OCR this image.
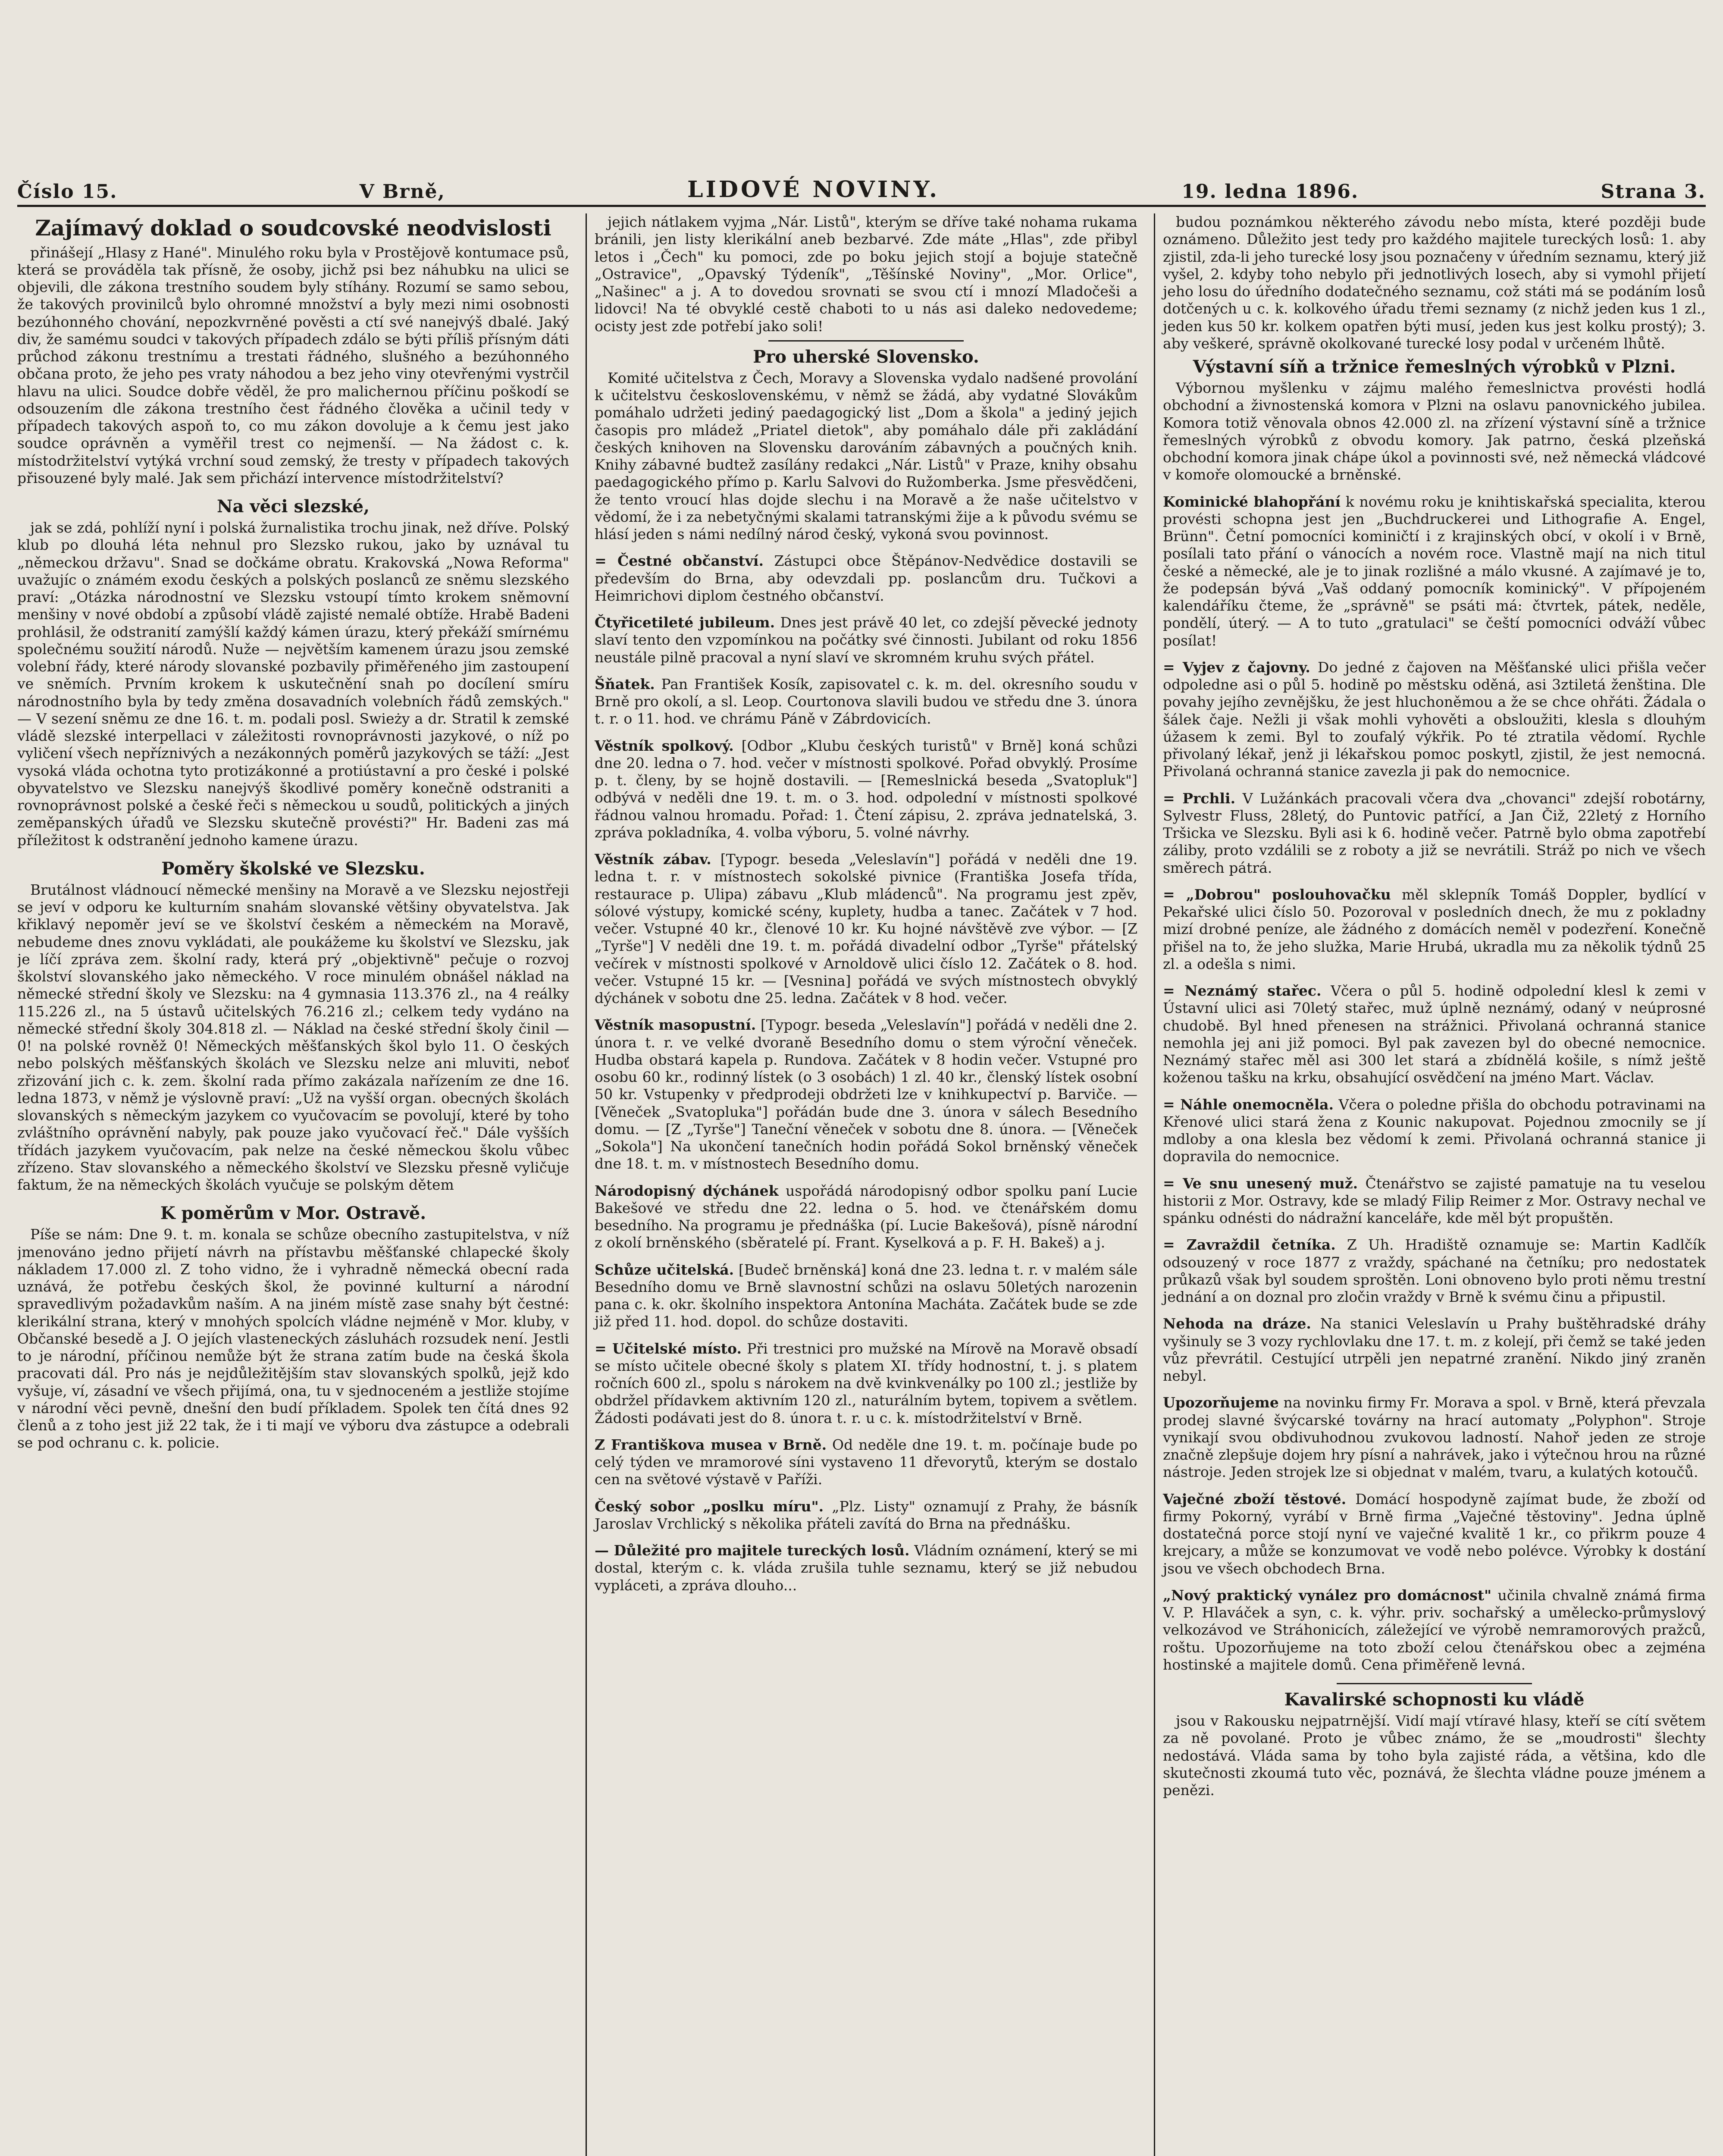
Číslo 15.	V Brně,	LIDOVÉ NOVINY.	19. ledna 1896.	Strana 3.
Zajímavý doklad o soudcovské neodvislosti

přinášejí „Hlasy z Hané". Minulého roku byla v Prostějově kontumace psů, která se prováděla tak přísně, že osoby, jichž psi bez náhubku na ulici se objevili, dle zákona trestního soudem byly stíhány. Rozumí se samo sebou, že takových provinilců bylo ohromné množství a byly mezi nimi osobnosti bezúhonného chování, nepozkvrněné pověsti a ctí své nanejvýš dbalé. Jaký div, že samému soudci v takových případech zdálo se býti příliš přísným dáti průchod zákonu trestnímu a trestati řádného, slušného a bezúhonného občana proto, že jeho pes vraty náhodou a bez jeho viny otevřenými vystrčil hlavu na ulici. Soudce dobře věděl, že pro malichernou příčinu poškodí se odsouzením dle zákona trestního čest řádného člověka a učinil tedy v případech takových aspoň to, co mu zákon dovoluje a k čemu jest jako soudce oprávněn a vyměřil trest co nejmenší. — Na žádost c. k. místodržitelství vytýká vrchní soud zemský, že tresty v případech takových přisouzené byly malé. Jak sem přichází intervence místodržitelství?

Na věci slezské,

jak se zdá, pohlíží nyní i polská žurnalistika trochu jinak, než dříve. Polský klub po dlouhá léta nehnul pro Slezsko rukou, jako by uznával tu „německou državu". Snad se dočkáme obratu. Krakovská „Nowa Reforma" uvažujíc o známém exodu českých a polských poslanců ze sněmu slezského praví: „Otázka národnostní ve Slezsku vstoupí tímto krokem sněmovní menšiny v nové období a způsobí vládě zajisté nemalé obtíže. Hrabě Badeni prohlásil, že odstranití zamýšlí každý kámen úrazu, který překáží smírnému společnému soužití národů. Nuže — největším kamenem úrazu jsou zemské volební řády, které národy slovanské pozbavily přiměřeného jim zastoupení ve sněmích. Prvním krokem k uskutečnění snah po docílení smíru národnostního byla by tedy změna dosavadních volebních řádů zemských." — V sezení sněmu ze dne 16. t. m. podali posl. Swieży a dr. Stratil k zemské vládě slezské interpellaci v záležitosti rovnoprávnosti jazykové, o níž po vyličení všech nepříznivých a nezákonných poměrů jazykových se táží: „Jest vysoká vláda ochotna tyto protizákonné a protiústavní a pro české i polské obyvatelstvo ve Slezsku nanejvýš škodlivé poměry konečně odstraniti a rovnoprávnost polské a české řeči s německou u soudů, politických a jiných zeměpanských úřadů ve Slezsku skutečně provésti?" Hr. Badeni zas má příležitost k odstranění jednoho kamene úrazu.

Poměry školské ve Slezsku.

Brutálnost vládnoucí německé menšiny na Moravě a ve Slezsku nejostřeji se jeví v odporu ke kulturním snahám slovanské většiny obyvatelstva. Jak křiklavý nepoměr jeví se ve školství českém a německém na Moravě, nebudeme dnes znovu vykládati, ale poukážeme ku školství ve Slezsku, jak je líčí zpráva zem. školní rady, která prý „objektivně" pečuje o rozvoj školství slovanského jako německého. V roce minulém obnášel náklad na německé střední školy ve Slezsku: na 4 gymnasia 113.376 zl., na 4 reálky 115.226 zl., na 5 ústavů učitelských 76.216 zl.; celkem tedy vydáno na německé střední školy 304.818 zl. — Náklad na české střední školy činil — 0! na polské rovněž 0! Německých měšťanských škol bylo 11. O českých nebo polských měšťanských školách ve Slezsku nelze ani mluviti, neboť zřizování jich c. k. zem. školní rada přímo zakázala nařízením ze dne 16. ledna 1873, v němž je výslovně praví: „Už na vyšší organ. obecných školách slovanských s německým jazykem co vyučovacím se povolují, které by toho zvláštního oprávnění nabyly, pak pouze jako vyučovací řeč." Dále vyšších třídách jazykem vyučovacím, pak nelze na české německou školu vůbec zřízeno. Stav slovanského a německého školství ve Slezsku přesně vyličuje faktum, že na německých školách vyučuje se polským dětem

K poměrům v Mor. Ostravě.

Píše se nám: Dne 9. t. m. konala se schůze obecního zastupitelstva, v níž jmenováno jedno přijetí návrh na přístavbu měšťanské chlapecké školy nákladem 17.000 zl. Z toho vidno, že i vyhradně německá obecní rada uznává, že potřebu českých škol, že povinné kulturní a národní spravedlivým požadavkům naším. A na jiném místě zase snahy být čestné: klerikální strana, který v mnohých spolcích vládne nejméně v Mor. kluby, v Občanské besedě a J. O jejích vlasteneckých zásluhách rozsudek není. Jestli to je národní, příčinou nemůže být že strana zatím bude na česká škola pracovati dál. Pro nás je nejdůležitějším stav slovanských spolků, jejž kdo vyšuje, ví, zásadní ve všech přijímá, ona, tu v sjednoceném a jestliže stojíme v národní věci pevně, dnešní den budí příkladem. Spolek ten čítá dnes 92 členů a z toho jest již 22 tak, že i ti mají ve výboru dva zástupce a odebrali se pod ochranu c. k. policie.

jejich nátlakem vyjma „Nár. Listů", kterým se dříve také nohama rukama bránili, jen listy klerikální aneb bezbarvé. Zde máte „Hlas", zde přibyl letos i „Čech" ku pomoci, zde po boku jejich stojí a bojuje statečně „Ostravice", „Opavský Týdeník", „Těšínské Noviny", „Mor. Orlice", „Našinec" a j. A to dovedou srovnati se svou ctí i mnozí Mladočeši a lidovci! Na té obvyklé cestě chaboti to u nás asi daleko nedovedeme; ocisty jest zde potřebí jako soli!

Pro uherské Slovensko.

Komité učitelstva z Čech, Moravy a Slovenska vydalo nadšené provolání k učitelstvu československému, v němž se žádá, aby vydatné Slovákům pomáhalo udržeti jediný paedagogický list „Dom a škola" a jediný jejich časopis pro mládež „Priatel dietok", aby pomáhalo dále při zakládání českých knihoven na Slovensku darováním zábavných a poučných knih. Knihy zábavné budtež zasílány redakci „Nár. Listů" v Praze, knihy obsahu paedagogického přímo p. Karlu Salvovi do Ružomberka. Jsme přesvědčeni, že tento vroucí hlas dojde slechu i na Moravě a že naše učitelstvo v vědomí, že i za nebetyčnými skalami tatranskými žije a k původu svému se hlásí jeden s námi nedílný národ český, vykoná svou povinnost.

= Čestné občanství. Zástupci obce Štěpánov-Nedvědice dostavili se především do Brna, aby odevzdali pp. poslancům dru. Tučkovi a Heimrichovi diplom čestného občanství.
Čtyřicetileté jubileum. Dnes jest právě 40 let, co zdejší pěvecké jednoty slaví tento den vzpomínkou na počátky své činnosti. Jubilant od roku 1856 neustále pilně pracoval a nyní slaví ve skromném kruhu svých přátel.
Šňatek. Pan František Kosík, zapisovatel c. k. m. del. okresního soudu v Brně pro okolí, a sl. Leop. Courtonova slavili budou ve středu dne 3. února t. r. o 11. hod. ve chrámu Páně v Zábrdovicích.
Věstník spolkový. [Odbor „Klubu českých turistů" v Brně] koná schůzi dne 20. ledna o 7. hod. večer v místnosti spolkové. Pořad obvyklý. Prosíme p. t. členy, by se hojně dostavili. — [Remeslnická beseda „Svatopluk"] odbývá v neděli dne 19. t. m. o 3. hod. odpolední v místnosti spolkové řádnou valnou hromadu. Pořad: 1. Čtení zápisu, 2. zpráva jednatelská, 3. zpráva pokladníka, 4. volba výboru, 5. volné návrhy.
Věstník zábav. [Typogr. beseda „Veleslavín"] pořádá v neděli dne 19. ledna t. r. v místnostech sokolské pivnice (Františka Josefa třída, restaurace p. Ulipa) zábavu „Klub mládenců". Na programu jest zpěv, sólové výstupy, komické scény, kuplety, hudba a tanec. Začátek v 7 hod. večer. Vstupné 40 kr., členové 10 kr. Ku hojné návštěvě zve výbor. — [Z „Tyrše"] V neděli dne 19. t. m. pořádá divadelní odbor „Tyrše" přátelský večírek v místnosti spolkové v Arnoldově ulici číslo 12. Začátek o 8. hod. večer. Vstupné 15 kr. — [Vesnina] pořádá ve svých místnostech obvyklý dýchánek v sobotu dne 25. ledna. Začátek v 8 hod. večer.
Věstník masopustní. [Typogr. beseda „Veleslavín"] pořádá v neděli dne 2. února t. r. ve velké dvoraně Besedního domu o stem výroční věneček. Hudba obstará kapela p. Rundova. Začátek v 8 hodin večer. Vstupné pro osobu 60 kr., rodinný lístek (o 3 osobách) 1 zl. 40 kr., členský lístek osobní 50 kr. Vstupenky v předprodeji obdržeti lze v knihkupectví p. Barviče. — [Věneček „Svatopluka"] pořádán bude dne 3. února v sálech Besedního domu. — [Z „Tyrše"] Taneční věneček v sobotu dne 8. února. — [Věneček „Sokola"] Na ukončení tanečních hodin pořádá Sokol brněnský věneček dne 18. t. m. v místnostech Besedního domu.
Národopisný dýchánek uspořádá národopisný odbor spolku paní Lucie Bakešové ve středu dne 22. ledna o 5. hod. ve čtenářském domu besedního. Na programu je přednáška (pí. Lucie Bakešová), písně národní z okolí brněnského (sběratelé pí. Frant. Kyselková a p. F. H. Bakeš) a j.
Schůze učitelská. [Budeč brněnská] koná dne 23. ledna t. r. v malém sále Besedního domu ve Brně slavnostní schůzi na oslavu 50letých narozenin pana c. k. okr. školního inspektora Antonína Macháta. Začátek bude se zde již před 11. hod. dopol. do schůze dostaviti.
= Učitelské místo. Při trestnici pro mužské na Mírově na Moravě obsadí se místo učitele obecné školy s platem XI. třídy hodnostní, t. j. s platem ročních 600 zl., spolu s nárokem na dvě kvinkvenálky po 100 zl.; jestliže by obdržel přídavkem aktivním 120 zl., naturálním bytem, topivem a světlem. Žádosti podávati jest do 8. února t. r. u c. k. místodržitelství v Brně.
Z Františkova musea v Brně. Od neděle dne 19. t. m. počínaje bude po celý týden ve mramorové síni vystaveno 11 dřevorytů, kterým se dostalo cen na světové výstavě v Paříži.
Český sobor „poslku míru". „Plz. Listy" oznamují z Prahy, že básník Jaroslav Vrchlický s několika přáteli zavítá do Brna na přednášku.
— Důležité pro majitele tureckých losů. Vládním oznámení, který se mi dostal, kterým c. k. vláda zrušila tuhle seznamu, který se již nebudou vypláceti, a zpráva dlouho...

budou poznámkou některého závodu nebo místa, které později bude oznámeno. Důležito jest tedy pro každého majitele tureckých losů: 1. aby zjistil, zda-li jeho turecké losy jsou poznačeny v úředním seznamu, který již vyšel, 2. kdyby toho nebylo při jednotlivých losech, aby si vymohl přijetí jeho losu do úředního dodatečného seznamu, což státi má se podáním losů dotčených u c. k. kolkového úřadu třemi seznamy (z nichž jeden kus 1 zl., jeden kus 50 kr. kolkem opatřen býti musí, jeden kus jest kolku prostý); 3. aby veškeré, správně okolkované turecké losy podal v určeném lhůtě.

Výstavní síň a tržnice řemeslných výrobků v Plzni.

Výbornou myšlenku v zájmu malého řemeslnictva provésti hodlá obchodní a živnostenská komora v Plzni na oslavu panovnického jubilea. Komora totiž věnovala obnos 42.000 zl. na zřízení výstavní síně a tržnice řemeslných výrobků z obvodu komory. Jak patrno, česká plzeňská obchodní komora jinak chápe úkol a povinnosti své, než německá vládcové v komoře olomoucké a brněnské.

Kominické blahopřání k novému roku je knihtiskařská specialita, kterou provésti schopna jest jen „Buchdruckerei und Lithografie A. Engel, Brünn". Četní pomocníci kominičtí i z krajinských obcí, v okolí i v Brně, posílali tato přání o vánocích a novém roce. Vlastně mají na nich titul české a německé, ale je to jinak rozlišné a málo vkusné. A zajímavé je to, že podepsán bývá „Vaš oddaný pomocník kominický". V přípojeném kalendáříku čteme, že „správně" se psáti má: čtvrtek, pátek, neděle, pondělí, úterý. — A to tuto „gratulaci" se čeští pomocníci odváží vůbec posílat!
= Vyjev z čajovny. Do jedné z čajoven na Měšťanské ulici přišla večer odpoledne asi o půl 5. hodině po městsku oděná, asi 3ztiletá ženština. Dle povahy jejího zevnějšku, že jest hluchoněmou a že se chce ohřáti. Žádala o šálek čaje. Nežli ji však mohli vyhověti a obsloužiti, klesla s dlouhým úžasem k zemi. Byl to zoufalý výkřik. Po té ztratila vědomí. Rychle přivolaný lékař, jenž ji lékařskou pomoc poskytl, zjistil, že jest nemocná. Přivolaná ochranná stanice zavezla ji pak do nemocnice.
= Prchli. V Lužánkách pracovali včera dva „chovanci" zdejší robotárny, Sylvestr Fluss, 28letý, do Puntovic patřící, a Jan Čiž, 22letý z Horního Tršicka ve Slezsku. Byli asi k 6. hodině večer. Patrně bylo obma zapotřebí záliby, proto vzdálili se z roboty a již se nevrátili. Stráž po nich ve všech směrech pátrá.
= „Dobrou" poslouhovačku měl sklepník Tomáš Doppler, bydlící v Pekařské ulici číslo 50. Pozoroval v posledních dnech, že mu z pokladny mizí drobné peníze, ale žádného z domácích neměl v podezření. Konečně přišel na to, že jeho služka, Marie Hrubá, ukradla mu za několik týdnů 25 zl. a odešla s nimi.
= Neznámý stařec. Včera o půl 5. hodině odpolední klesl k zemi v Ústavní ulici asi 70letý stařec, muž úplně neznámý, odaný v neúprosné chudobě. Byl hned přenesen na strážnici. Přivolaná ochranná stanice nemohla jej ani již pomoci. Byl pak zavezen byl do obecné nemocnice. Neznámý stařec měl asi 300 let stará a zbídnělá košile, s nímž ještě koženou tašku na krku, obsahující osvědčení na jméno Mart. Václav.
= Náhle onemocněla. Včera o poledne přišla do obchodu potravinami na Křenové ulici stará žena z Kounic nakupovat. Pojednou zmocnily se jí mdloby a ona klesla bez vědomí k zemi. Přivolaná ochranná stanice ji dopravila do nemocnice.
= Ve snu unesený muž. Čtenářstvo se zajisté pamatuje na tu veselou historii z Mor. Ostravy, kde se mladý Filip Reimer z Mor. Ostravy nechal ve spánku odnésti do nádražní kanceláře, kde měl být propuštěn.
= Zavraždil četníka. Z Uh. Hradiště oznamuje se: Martin Kadlčík odsouzený v roce 1877 z vraždy, spáchané na četníku; pro nedostatek průkazů však byl soudem sproštěn. Loni obnoveno bylo proti němu trestní jednání a on doznal pro zločin vraždy v Brně k svému činu a připustil.
Nehoda na dráze. Na stanici Veleslavín u Prahy buštěhradské dráhy vyšinuly se 3 vozy rychlovlaku dne 17. t. m. z kolejí, při čemž se také jeden vůz převrátil. Cestující utrpěli jen nepatrné zranění. Nikdo jiný zraněn nebyl.
Upozorňujeme na novinku firmy Fr. Morava a spol. v Brně, která převzala prodej slavné švýcarské továrny na hrací automaty „Polyphon". Stroje vynikají svou obdivuhodnou zvukovou ladností. Nahoř jeden ze stroje značně zlepšuje dojem hry písní a nahrávek, jako i výtečnou hrou na různé nástroje. Jeden strojek lze si objednat v malém, tvaru, a kulatých kotoučů.
Vaječné zboží těstové. Domácí hospodyně zajímat bude, že zboží od firmy Pokorný, vyrábí v Brně firma „Vaječné těstoviny". Jedna úplně dostatečná porce stojí nyní ve vaječné kvalitě 1 kr., co přikrm pouze 4 krejcary, a může se konzumovat ve vodě nebo polévce. Výrobky k dostání jsou ve všech obchodech Brna.
„Nový praktický vynález pro domácnost" učinila chvalně známá firma V. P. Hlaváček a syn, c. k. výhr. priv. sochařský a umělecko-průmyslový velkozávod ve Stráhonicích, záležející ve výrobě nemramorových pražců, roštu. Upozorňujeme na toto zboží celou čtenářskou obec a zejména hostinské a majitele domů. Cena přiměřeně levná.
Kavalirské schopnosti ku vládě

jsou v Rakousku nejpatrnější. Vidí mají vtíravé hlasy, kteří se cítí světem za ně povolané. Proto je vůbec známo, že se „moudrosti" šlechty nedostává. Vláda sama by toho byla zajisté ráda, a většina, kdo dle skutečnosti zkoumá tuto věc, poznává, že šlechta vládne pouze jménem a penězi.
